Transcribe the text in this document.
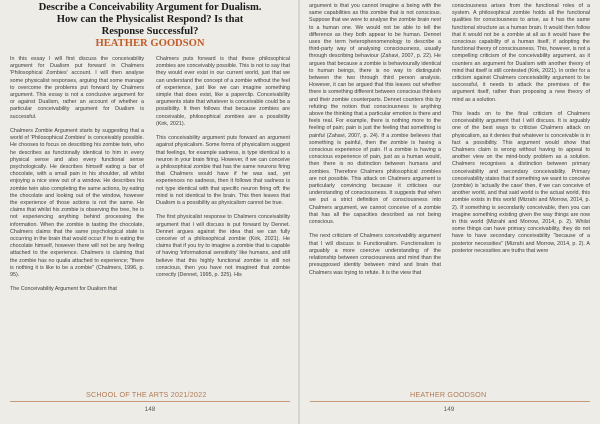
Describe a Conceivability Argument for Dualism.
How can the Physicalist Respond? Is that
Response Successful?
HEATHER GOODSON

In this essay I will first discuss the conceivability argument for Dualism put forward in Chalmers 'Philosophical Zombies' account. I will then analyse some physicalist responses, arguing that some manage to overcome the problems put forward by Chalmers argument. This essay is not a conclusive argument for or against Dualism, rather an account of whether a particular conceivability argument for Dualism is successful.

Chalmers Zombie Argument starts by suggesting that a world of 'Philosophical Zombies' is conceivably possible. He chooses to focus on describing his zombie twin, who he describes as functionally identical to him in every physical sense and also every functional sense psychologically. He describes himself eating a bar of chocolate, with a small pain in his shoulder, all whilst enjoying a nice view out of a window. He describes his zombie twin also completing the same actions, by eating the chocolate and looking out of the window, however the experience of those actions is not the same. He claims that whilst his zombie is observing the tree, he is not experiencing anything behind processing the information. When the zombie is tasting the chocolate, Chalmers claims that the same psychological state is occurring in the brain that would occur if he is eating the chocolate himself, however there will not be any feeling attached to the experience. Chalmers is claiming that the zombie has no qualia attached to experience; "there is nothing it is like to be a zombie" (Chalmers, 1996, p. 95).

The Conceivability Argument for Dualism that

Chalmers puts forward is that these philosophical zombies are conceivably possible. This is not to say that they would ever exist in our current world, just that we can understand the concept of a zombie without the feel of experience, just like we can imagine something simple that does exist, like a paperclip. Conceivability arguments state that whatever is conceivable could be a possibility. It then follows that because zombies are conceivable, philosophical zombies are a possibility (Kirk, 2021).

This conceivability argument puts forward an argument against physicalism. Some forms of physicalism suggest that feelings, for example sadness, is type identical to a neuron in your brain firing. However, if we can conceive a philosophical zombie that has the same neurons firing that Chalmers would have if he was sad, yet experiences no sadness, then it follows that sadness is not type identical with that specific neuron firing off; the mind is not identical to the brain. This then leaves that Dualism is a possibility as physicalism cannot be true.

The first physicalist response to Chalmers conceivability argument that I will discuss is put forward by Dennet. Dennet argues against the idea that we can fully conceive of a philosophical zombie (Kirk, 2021). He claims that if you try to imagine a zombie that is capable of having 'informational sensitivity' like humans, and still believe that this highly functional zombie is still not conscious, then you have not imagined that zombie correctly (Dennet, 1995, p. 325). His

SCHOOL OF THE ARTS 2021/2022
148

argument is that you cannot imagine a being with the same capabilities as this zombie that is not conscious. Suppose that we were to analyse the zombie brain next to a human one. We would not be able to tell the difference as they both appear to be human. Dennet uses the term heterophenomenology to describe a third-party way of analysing consciousness, usually through describing behaviour (Zahavi, 2007, p. 22). He argues that because a zombie is behaviourally identical to human beings, there is no way to distinguish between the two through third person analysis. However, it can be argued that this leaves out whether there is something different between conscious thinkers and their zombie counterparts. Dennet counters this by refuting the notion that consciousness is anything above the thinking that a particular emotion is there and feels real. For example, there is nothing more to the feeling of pain; pain is just the feeling that something is painful (Zahavi, 2007, p. 24). If a zombie believes that something is painful, then the zombie is having a conscious experience of pain. If a zombie is having a conscious experience of pain, just as a human would, then there is no distinction between humans and zombies. Therefore Chalmers philosophical zombies are not possible. This attack on Chalmers argument is particularly convincing because it criticises our understanding of consciousness. It suggests that when we put a strict definition of consciousness into Chalmers argument, we cannot conceive of a zombie that has all the capacities described as not being conscious.

The next criticism of Chalmers conceivability argument that I will discuss is Functionalism. Functionalism is arguably a more coercive understanding of the relationship between consciousness and mind than the presupposed identity between mind and brain that Chalmers was trying to refute. It is the view that

consciousness arises from the functional roles of a system. A philosophical zombie holds all the functional qualities for consciousness to arise, as it has the same functional structure as a human brain. It would then follow that it would not be a zombie at all as it would have the conscious capability of a human itself, if adopting the functional theory of consciousness. This, however, is not a compelling criticism of the conceivability argument, as it counters an argument for Dualism with another theory of mind that itself is still contested (Kirk, 2021). In order for a criticism against Chalmers conceivability argument to be successful, it needs to attack the premises of the argument itself, rather than proposing a new theory of mind as a solution.

This leads on to the final criticism of Chalmers conceivability argument that I will discuss. It is arguably one of the best ways to criticise Chalmers attack on physicalism, as it denies that whatever is conceivable is in fact a possibility. This argument would show that Chalmers claim is wrong without having to appeal to another view on the mind-body problem as a solution. Chalmers recognises a distinction between primary conceivability and secondary conceivability. Primary conceivability states that if something we want to conceive (zombie) is 'actually the case' then, if we can conceive of another world, and that said world is the actual world, this zombie exists in this world (Mizrahi and Morrow, 2014, p. 2). If something is secondarily conceivable, then you can imagine something existing given the way things are now in this world (Mizrahi and Morrow, 2014, p. 2). Whilst some things can have primary conceivability, they do not have to have secondary conceivability "because of a posterior necessities" (Mizrahi and Morrow, 2014, p. 2). A posterior necessities are truths that were

HEATHER GOODSON
149
